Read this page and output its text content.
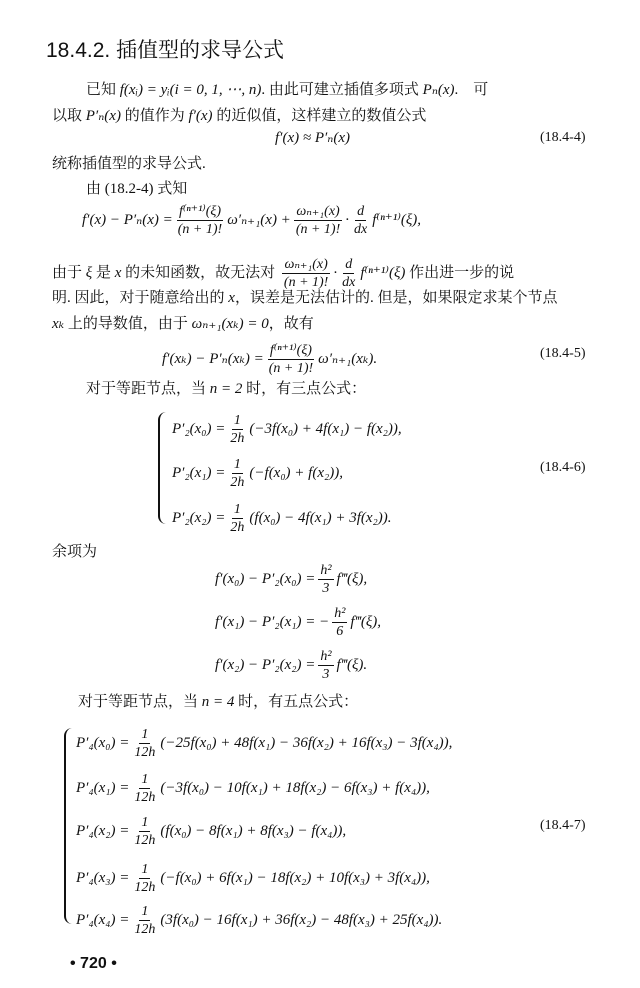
18.4.2. 插值型的求导公式
已知 f(xᵢ) = yᵢ(i = 0, 1, ⋯, n). 由此可建立插值多项式 Pₙ(x).　可
以取 P′ₙ(x) 的值作为 f′(x) 的近似值，这样建立的数值公式
f′(x) ≈ P′ₙ(x)
统称插值型的求导公式.
由 (18.2-4) 式知
$f'(x) - P'_n(x) = \frac{\text{f⁽ⁿ⁺¹⁾(ξ)}}{(n + 1)!} \omega'_{n+1}(x) + \frac{\text{ωₙ₊₁(x)}}{(n + 1)!} \cdot \frac{d}{dx} f^{(n+1)}(\xi)$,
由于 ξ 是 x 的未知函数，故无法对 $\frac{\text{ωₙ₊₁(x)}}{(n + 1)!} \cdot \frac{d}{dx} f^{(n+1)}(\xi)$ 作出进一步的说
明. 因此，对于随意给出的 x，误差是无法估计的. 但是，如果限定求某个节点
xₖ 上的导数值，由于 ωₙ₊₁(xₖ) = 0，故有
$f'(x_k) - P'_n(x_k) = \frac{\text{f⁽ⁿ⁺¹⁾(ξ)}}{(n + 1)!} \omega'_{n+1}(x_k)$.
对于等距节点，当 n = 2 时，有三点公式：
$P'_2(x_0) = \frac{1}{2h} (-3f(x_0) + 4f(x_1) - f(x_2))$,
$P'_2(x_1) = \frac{1}{2h} (-f(x_0) + f(x_2))$,
$P'_2(x_2) = \frac{1}{2h} (f(x_0) - 4f(x_1) + 3f(x_2))$.
余项为
$f'(x_0) - P'_2(x_0) = \frac{\text{h²}}{3}$ f‴(ξ),
f′(x₁) − P′₂(x₁) = − $\frac{\text{h²}}{6}$ f‴(ξ),
$f'(x_2) - P'_2(x_2) = \frac{\text{h²}}{3}$ f‴(ξ).
对于等距节点，当 n = 4 时，有五点公式：
$P'_4(x_0) = \frac{1}{12h} (-25f(x_0) + 48f(x_1) - 36f(x_2) + 16f(x_3) - 3f(x_4))$,
$P'_4(x_1) = \frac{1}{12h} (-3f(x_0) - 10f(x_1) + 18f(x_2) - 6f(x_3) + f(x_4))$,
$P'_4(x_2) = \frac{1}{12h} (f(x_0) - 8f(x_1) + 8f(x_3) - f(x_4))$,
$P'_4(x_3) = \frac{1}{12h} (-f(x_0) + 6f(x_1) - 18f(x_2) + 10f(x_3) + 3f(x_4))$,
$P'_4(x_4) = \frac{1}{12h} (3f(x_0) - 16f(x_1) + 36f(x_2) - 48f(x_3) + 25f(x_4))$.
(18.4-4)
(18.4-5)
(18.4-6)
(18.4-7)
• 720 •
